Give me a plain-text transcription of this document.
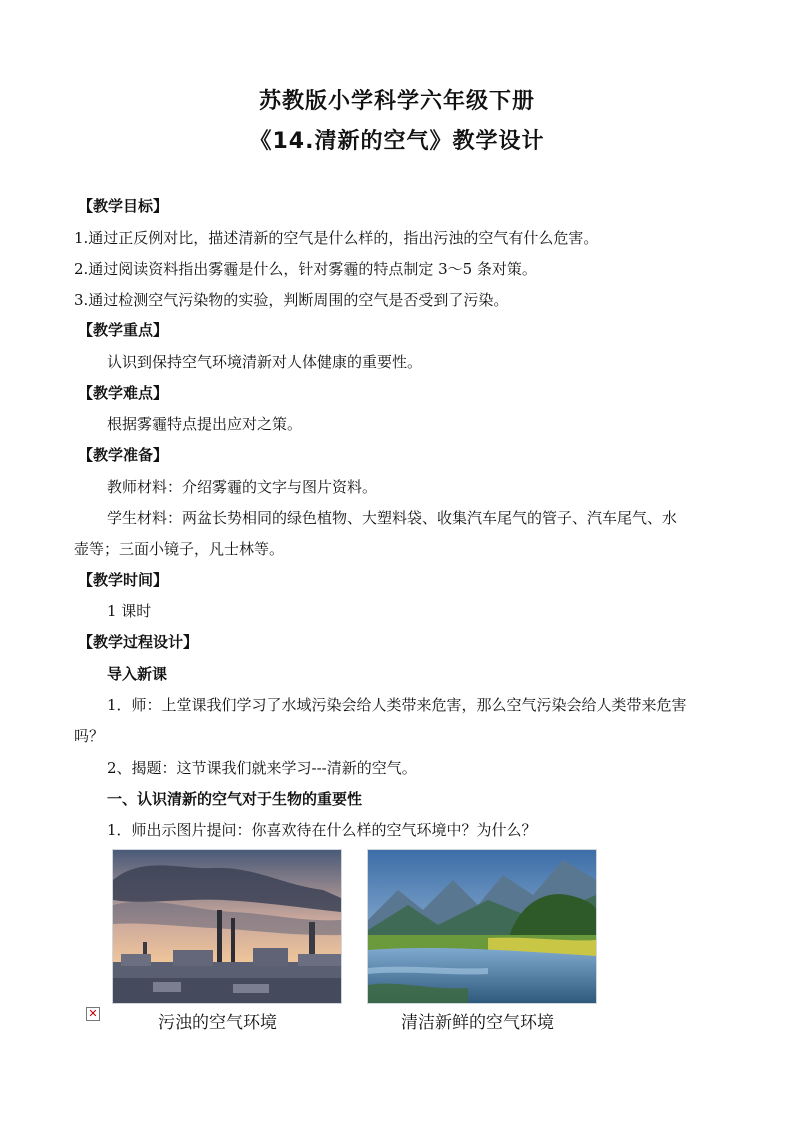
苏教版小学科学六年级下册
《14.清新的空气》教学设计
【教学目标】
1.通过正反例对比，描述清新的空气是什么样的，指出污浊的空气有什么危害。
2.通过阅读资料指出雾霾是什么，针对雾霾的特点制定 3～5 条对策。
3.通过检测空气污染物的实验，判断周围的空气是否受到了污染。
【教学重点】
认识到保持空气环境清新对人体健康的重要性。
【教学难点】
根据雾霾特点提出应对之策。
【教学准备】
教师材料：介绍雾霾的文字与图片资料。
学生材料：两盆长势相同的绿色植物、大塑料袋、收集汽车尾气的管子、汽车尾气、水
壶等；三面小镜子，凡士林等。
【教学时间】
1 课时
【教学过程设计】
导入新课
1．师：上堂课我们学习了水域污染会给人类带来危害，那么空气污染会给人类带来危害
吗？
2、揭题：这节课我们就来学习---清新的空气。
一、认识清新的空气对于生物的重要性
1．师出示图片提问：你喜欢待在什么样的空气环境中？为什么？
✕	污浊的空气环境	清洁新鲜的空气环境
